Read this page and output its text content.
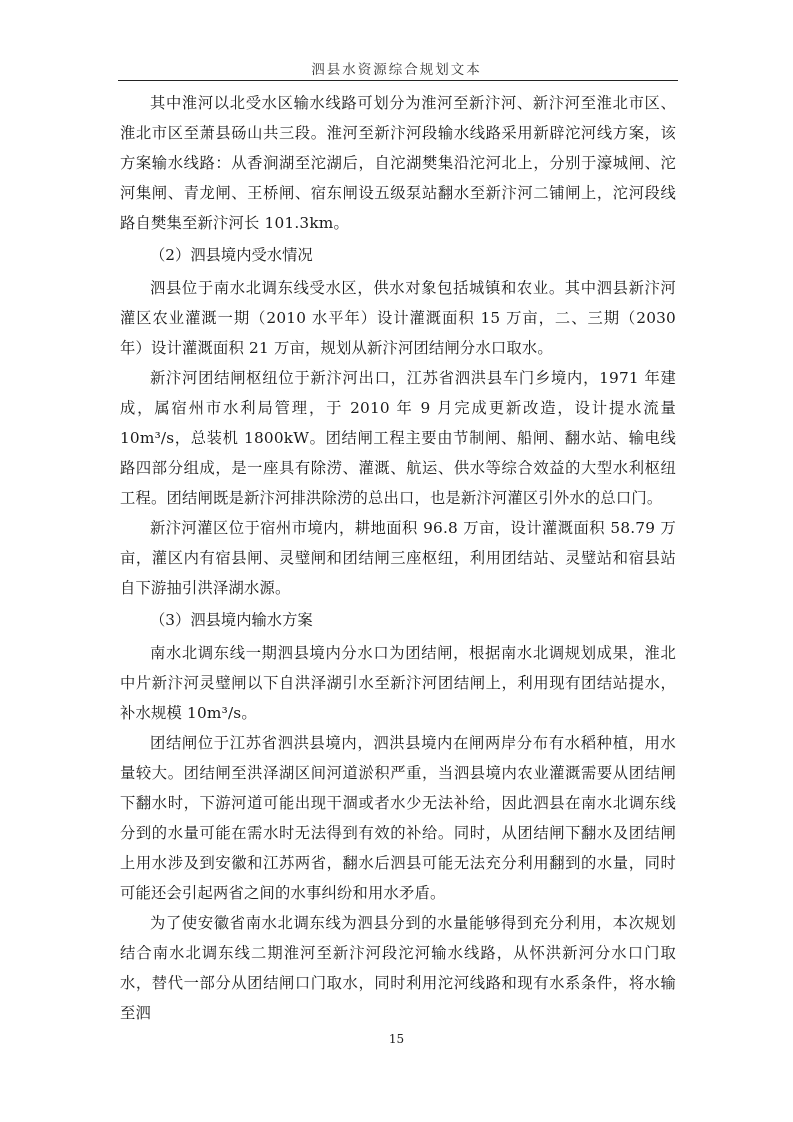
泗县水资源综合规划文本

其中淮河以北受水区输水线路可划分为淮河至新汴河、新汴河至淮北市区、淮北市区至萧县砀山共三段。淮河至新汴河段输水线路采用新辟沱河线方案，该方案输水线路：从香涧湖至沱湖后，自沱湖樊集沿沱河北上，分别于濠城闸、沱河集闸、青龙闸、王桥闸、宿东闸设五级泵站翻水至新汴河二铺闸上，沱河段线路自樊集至新汴河长 101.3km。

（2）泗县境内受水情况

泗县位于南水北调东线受水区，供水对象包括城镇和农业。其中泗县新汴河灌区农业灌溉一期（2010 水平年）设计灌溉面积 15 万亩，二、三期（2030 年）设计灌溉面积 21 万亩，规划从新汴河团结闸分水口取水。

新汴河团结闸枢纽位于新汴河出口，江苏省泗洪县车门乡境内，1971 年建成，属宿州市水利局管理，于 2010 年 9 月完成更新改造，设计提水流量 10m³/s，总装机 1800kW。团结闸工程主要由节制闸、船闸、翻水站、输电线路四部分组成，是一座具有除涝、灌溉、航运、供水等综合效益的大型水利枢纽工程。团结闸既是新汴河排洪除涝的总出口，也是新汴河灌区引外水的总口门。

新汴河灌区位于宿州市境内，耕地面积 96.8 万亩，设计灌溉面积 58.79 万亩，灌区内有宿县闸、灵璧闸和团结闸三座枢纽，利用团结站、灵璧站和宿县站自下游抽引洪泽湖水源。

（3）泗县境内输水方案

南水北调东线一期泗县境内分水口为团结闸，根据南水北调规划成果，淮北中片新汴河灵璧闸以下自洪泽湖引水至新汴河团结闸上，利用现有团结站提水，补水规模 10m³/s。

团结闸位于江苏省泗洪县境内，泗洪县境内在闸两岸分布有水稻种植，用水量较大。团结闸至洪泽湖区间河道淤积严重，当泗县境内农业灌溉需要从团结闸下翻水时，下游河道可能出现干涸或者水少无法补给，因此泗县在南水北调东线分到的水量可能在需水时无法得到有效的补给。同时，从团结闸下翻水及团结闸上用水涉及到安徽和江苏两省，翻水后泗县可能无法充分利用翻到的水量，同时可能还会引起两省之间的水事纠纷和用水矛盾。

为了使安徽省南水北调东线为泗县分到的水量能够得到充分利用，本次规划结合南水北调东线二期淮河至新汴河段沱河输水线路，从怀洪新河分水口门取水，替代一部分从团结闸口门取水，同时利用沱河线路和现有水系条件，将水输至泗

15
